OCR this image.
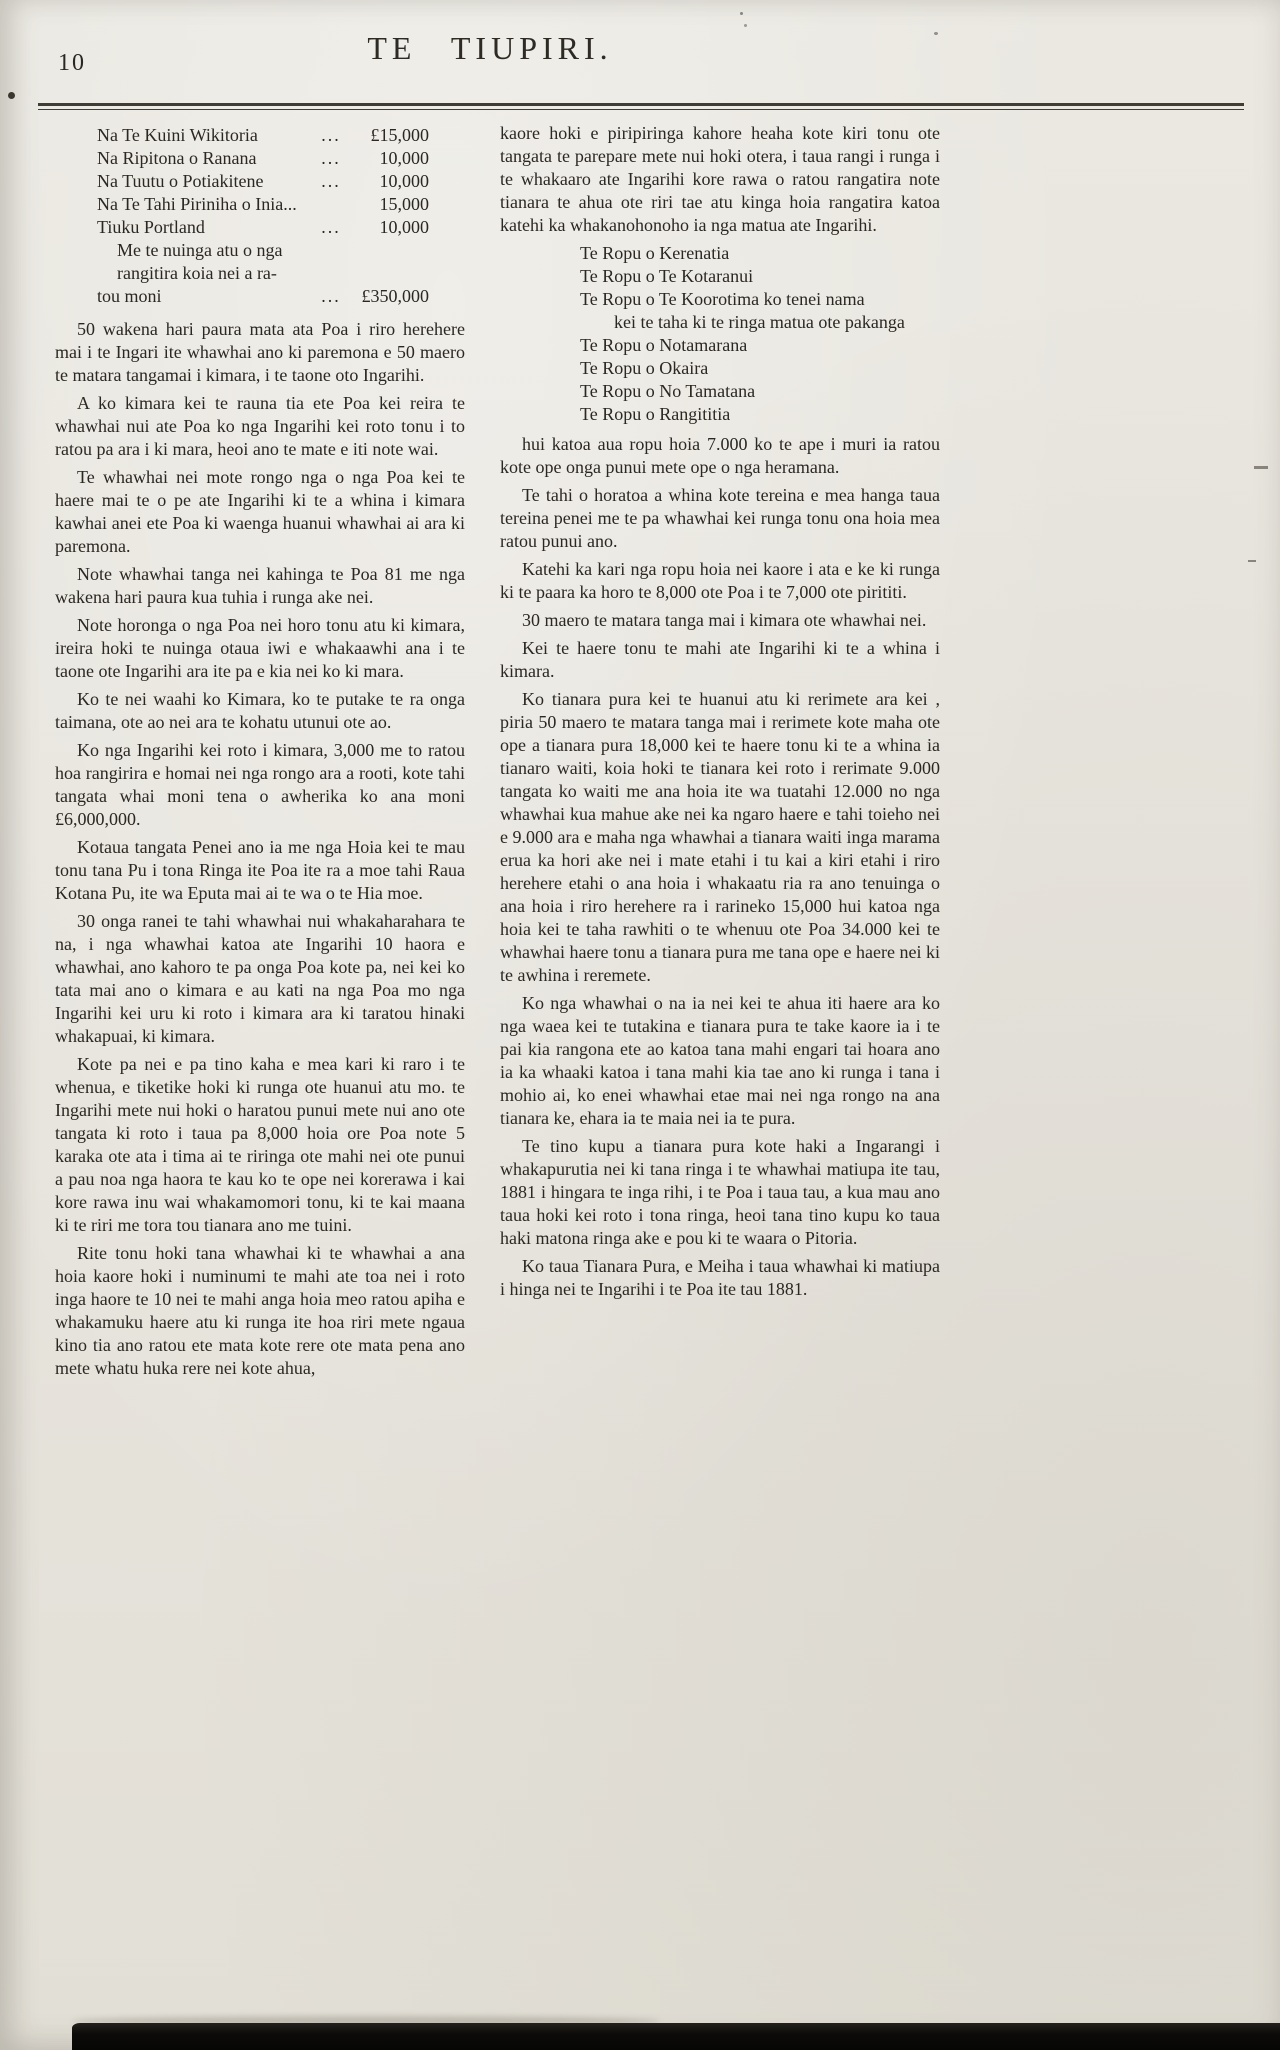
10	TE TIUPIRI.
Na Te Kuini Wikitoria	...	£15,000
Na Ripitona o Ranana	...	10,000
Na Tuutu o Potiakitene	...	10,000
Na Te Tahi Piriniha o Inia...	15,000
Tiuku Portland	...	10,000
Me te nuinga atu o nga
rangitira koia nei a ra-
tou moni	...	£350,000

50 wakena hari paura mata ata Poa i riro herehere mai i te Ingari ite whawhai ano ki paremona e 50 maero te matara tangamai i kimara, i te taone oto Ingarihi.

A ko kimara kei te rauna tia ete Poa kei reira te whawhai nui ate Poa ko nga Ingarihi kei roto tonu i to ratou pa ara i ki mara, heoi ano te mate e iti note wai.

Te whawhai nei mote rongo nga o nga Poa kei te haere mai te o pe ate Ingarihi ki te a whina i kimara kawhai anei ete Poa ki waenga huanui whawhai ai ara ki paremona.

Note whawhai tanga nei kahinga te Poa 81 me nga wakena hari paura kua tuhia i runga ake nei.

Note horonga o nga Poa nei horo tonu atu ki kimara, ireira hoki te nuinga otaua iwi e whakaawhi ana i te taone ote Ingarihi ara ite pa e kia nei ko ki mara.

Ko te nei waahi ko Kimara, ko te putake te ra onga taimana, ote ao nei ara te kohatu utunui ote ao.

Ko nga Ingarihi kei roto i kimara, 3,000 me to ratou hoa rangirira e homai nei nga rongo ara a rooti, kote tahi tangata whai moni tena o awherika ko ana moni £6,000,000.

Kotaua tangata Penei ano ia me nga Hoia kei te mau tonu tana Pu i tona Ringa ite Poa ite ra a moe tahi Raua Kotana Pu, ite wa Eputa mai ai te wa o te Hia moe.

30 onga ranei te tahi whawhai nui whakaharahara te na, i nga whawhai katoa ate Ingarihi 10 haora e whawhai, ano kahoro te pa onga Poa kote pa, nei kei ko tata mai ano o kimara e au kati na nga Poa mo nga Ingarihi kei uru ki roto i kimara ara ki taratou hinaki whakapuai, ki kimara.

Kote pa nei e pa tino kaha e mea kari ki raro i te whenua, e tiketike hoki ki runga ote huanui atu mo. te Ingarihi mete nui hoki o haratou punui mete nui ano ote tangata ki roto i taua pa 8,000 hoia ore Poa note 5 karaka ote ata i tima ai te riringa ote mahi nei ote punui a pau noa nga haora te kau ko te ope nei korerawa i kai kore rawa inu wai whakamomori tonu, ki te kai maana ki te riri me tora tou tianara ano me tuini.

Rite tonu hoki tana whawhai ki te whawhai a ana hoia kaore hoki i numinumi te mahi ate toa nei i roto inga haore te 10 nei te mahi anga hoia meo ratou apiha e whakamuku haere atu ki runga ite hoa riri mete ngaua kino tia ano ratou ete mata kote rere ote mata pena ano mete whatu huka rere nei kote ahua,

kaore hoki e piripiringa kahore heaha kote kiri tonu ote tangata te parepare mete nui hoki otera, i taua rangi i runga i te whakaaro ate Ingarihi kore rawa o ratou rangatira note tianara te ahua ote riri tae atu kinga hoia rangatira katoa katehi ka whakanohonoho ia nga matua ate Ingarihi.

Te Ropu o Kerenatia
Te Ropu o Te Kotaranui
Te Ropu o Te Koorotima ko tenei nama
kei te taha ki te ringa matua ote pakanga
Te Ropu o Notamarana
Te Ropu o Okaira
Te Ropu o No Tamatana
Te Ropu o Rangititia

hui katoa aua ropu hoia 7.000 ko te ape i muri ia ratou kote ope onga punui mete ope o nga heramana.

Te tahi o horatoa a whina kote tereina e mea hanga taua tereina penei me te pa whawhai kei runga tonu ona hoia mea ratou punui ano.

Katehi ka kari nga ropu hoia nei kaore i ata e ke ki runga ki te paara ka horo te 8,000 ote Poa i te 7,000 ote pirititi.

30 maero te matara tanga mai i kimara ote whawhai nei.

Kei te haere tonu te mahi ate Ingarihi ki te a whina i kimara.

Ko tianara pura kei te huanui atu ki rerimete ara kei , piria 50 maero te matara tanga mai i rerimete kote maha ote ope a tianara pura 18,000 kei te haere tonu ki te a whina ia tianaro waiti, koia hoki te tianara kei roto i rerimate 9.000 tangata ko waiti me ana hoia ite wa tuatahi 12.000 no nga whawhai kua mahue ake nei ka ngaro haere e tahi toieho nei e 9.000 ara e maha nga whawhai a tianara waiti inga marama erua ka hori ake nei i mate etahi i tu kai a kiri etahi i riro herehere etahi o ana hoia i whakaatu ria ra ano tenuinga o ana hoia i riro herehere ra i rarineko 15,000 hui katoa nga hoia kei te taha rawhiti o te whenuu ote Poa 34.000 kei te whawhai haere tonu a tianara pura me tana ope e haere nei ki te awhina i reremete.

Ko nga whawhai o na ia nei kei te ahua iti haere ara ko nga waea kei te tutakina e tianara pura te take kaore ia i te pai kia rangona ete ao katoa tana mahi engari tai hoara ano ia ka whaaki katoa i tana mahi kia tae ano ki runga i tana i mohio ai, ko enei whawhai etae mai nei nga rongo na ana tianara ke, ehara ia te maia nei ia te pura.

Te tino kupu a tianara pura kote haki a Ingarangi i whakapurutia nei ki tana ringa i te whawhai matiupa ite tau, 1881 i hingara te inga rihi, i te Poa i taua tau, a kua mau ano taua hoki kei roto i tona ringa, heoi tana tino kupu ko taua haki matona ringa ake e pou ki te waara o Pitoria.

Ko taua Tianara Pura, e Meiha i taua whawhai ki matiupa i hinga nei te Ingarihi i te Poa ite tau 1881.
